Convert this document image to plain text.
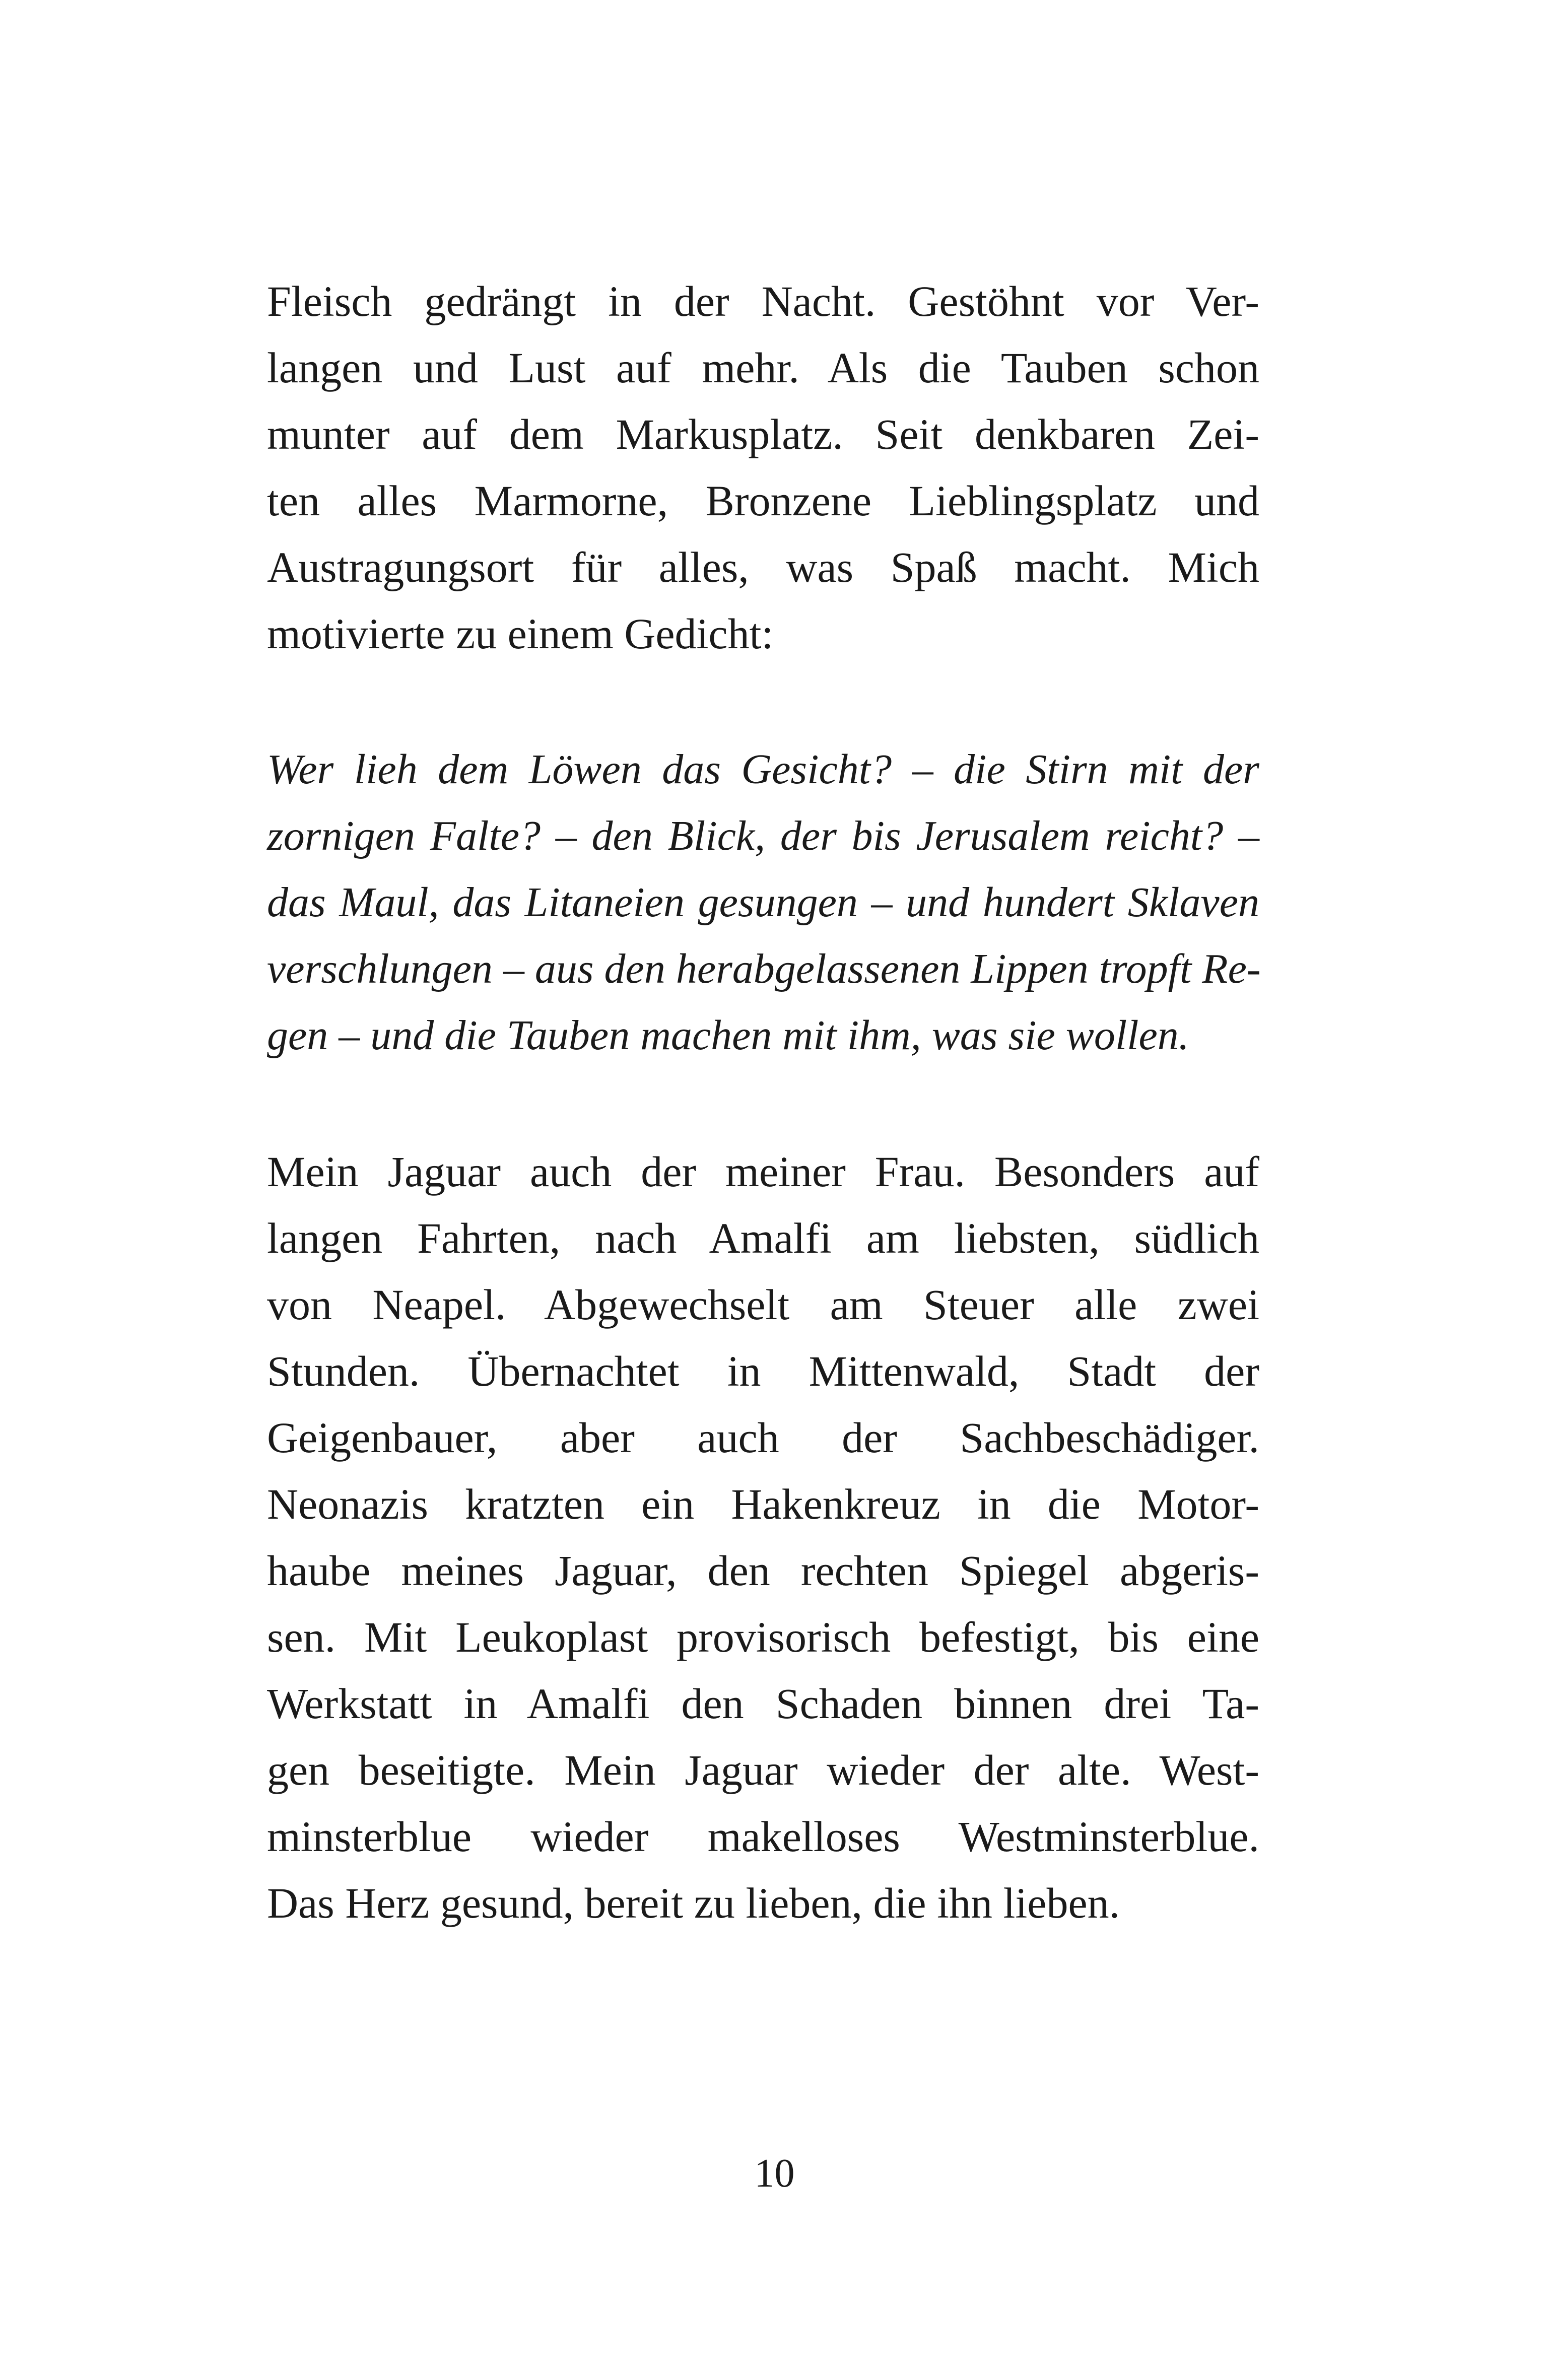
Fleisch gedrängt in der Nacht. Gestöhnt vor Ver-
langen und Lust auf mehr. Als die Tauben schon
munter auf dem Markusplatz. Seit denkbaren Zei-
ten alles Marmorne, Bronzene Lieblingsplatz und
Austragungsort für alles, was Spaß macht. Mich
motivierte zu einem Gedicht:
Wer lieh dem Löwen das Gesicht? – die Stirn mit der
zornigen Falte? – den Blick, der bis Jerusalem reicht? –
das Maul, das Litaneien gesungen – und hundert Sklaven
verschlungen – aus den herabgelassenen Lippen tropft Re-
gen – und die Tauben machen mit ihm, was sie wollen.
Mein Jaguar auch der meiner Frau. Besonders auf
langen Fahrten, nach Amalfi am liebsten, südlich
von Neapel. Abgewechselt am Steuer alle zwei
Stunden. Übernachtet in Mittenwald, Stadt der
Geigenbauer, aber auch der Sachbeschädiger.
Neonazis kratzten ein Hakenkreuz in die Motor-
haube meines Jaguar, den rechten Spiegel abgeris-
sen. Mit Leukoplast provisorisch befestigt, bis eine
Werkstatt in Amalfi den Schaden binnen drei Ta-
gen beseitigte. Mein Jaguar wieder der alte. West-
minsterblue wieder makelloses Westminsterblue.
Das Herz gesund, bereit zu lieben, die ihn lieben.
10
